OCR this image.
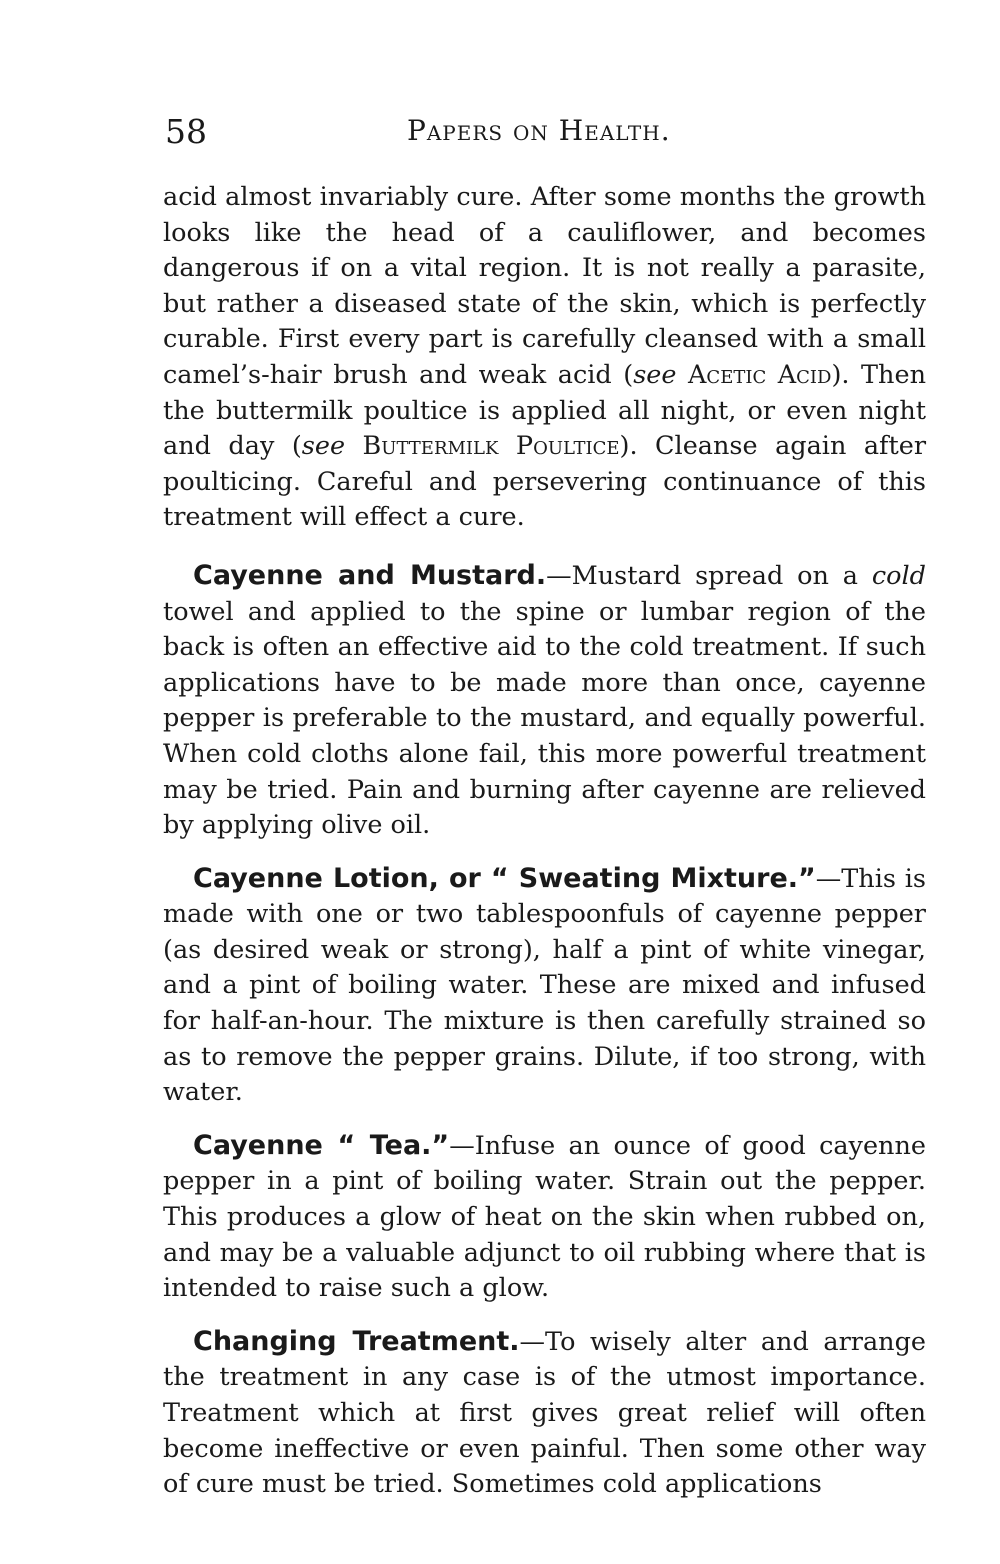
58	Papers on Health.

acid almost invariably cure. After some months the growth looks like the head of a cauliflower, and becomes dangerous if on a vital region. It is not really a parasite, but rather a diseased state of the skin, which is perfectly curable. First every part is carefully cleansed with a small camel’s-hair brush and weak acid (see Acetic Acid). Then the buttermilk poultice is applied all night, or even night and day (see Buttermilk Poultice). Cleanse again after poulticing. Careful and persevering continuance of this treatment will effect a cure.

Cayenne and Mustard.—Mustard spread on a cold towel and applied to the spine or lumbar region of the back is often an effective aid to the cold treatment. If such applications have to be made more than once, cayenne pepper is preferable to the mustard, and equally powerful. When cold cloths alone fail, this more powerful treatment may be tried. Pain and burning after cayenne are relieved by applying olive oil.

Cayenne Lotion, or “ Sweating Mixture.”—This is made with one or two tablespoonfuls of cayenne pepper (as desired weak or strong), half a pint of white vinegar, and a pint of boiling water. These are mixed and infused for half-an-hour. The mixture is then carefully strained so as to remove the pepper grains. Dilute, if too strong, with water.

Cayenne “ Tea.”—Infuse an ounce of good cayenne pepper in a pint of boiling water. Strain out the pepper. This produces a glow of heat on the skin when rubbed on, and may be a valuable adjunct to oil rubbing where that is intended to raise such a glow.

Changing Treatment.—To wisely alter and arrange the treatment in any case is of the utmost importance. Treatment which at first gives great relief will often become ineffective or even painful. Then some other way of cure must be tried. Sometimes cold applications
